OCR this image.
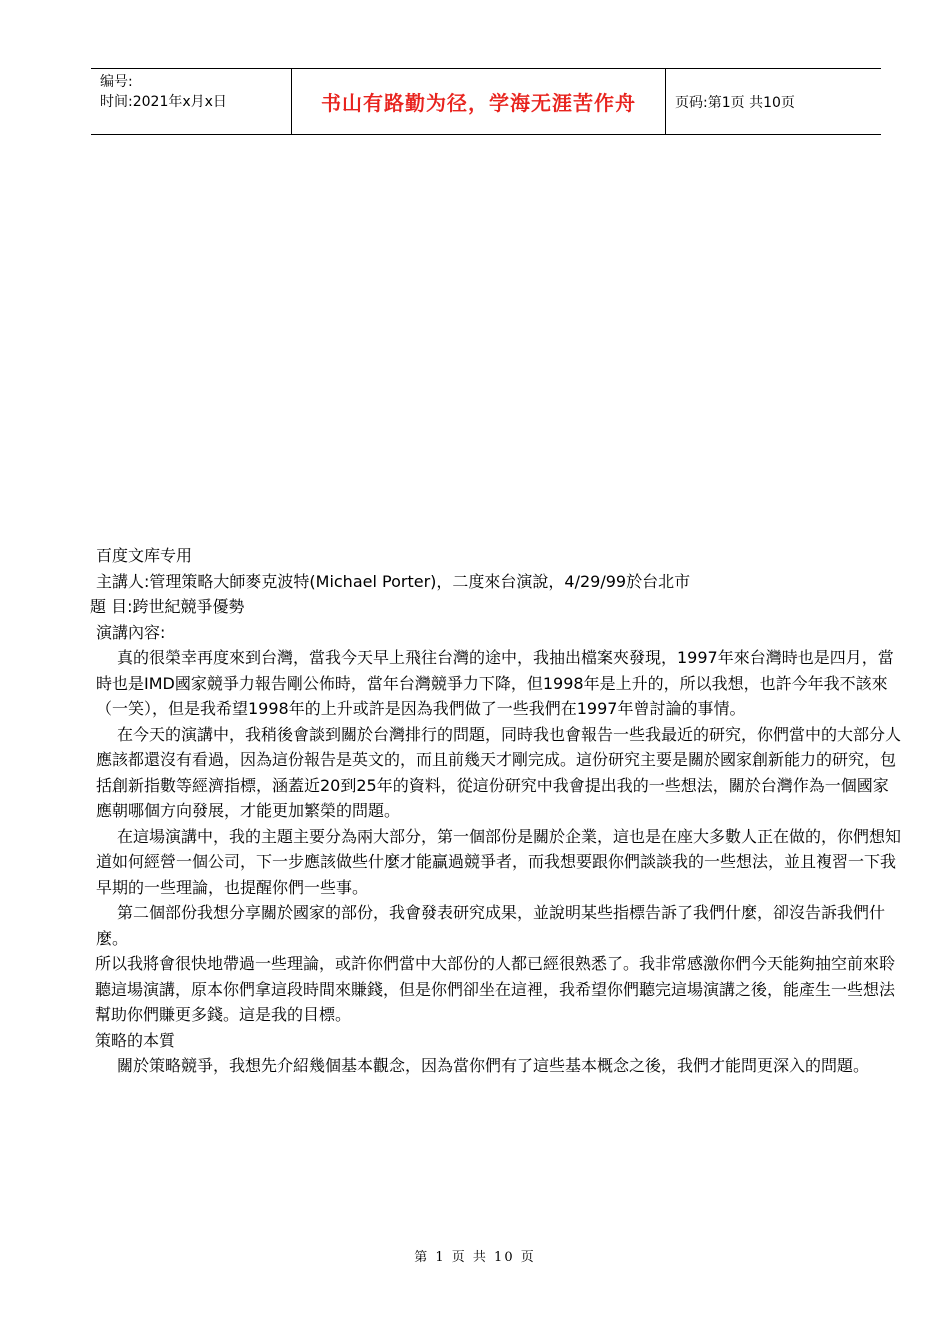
编号:
时间:2021年x月x日	书山有路勤为径，学海无涯苦作舟	页码:第1页 共10页

百度文库专用

主講人:管理策略大師麥克波特(Michael Porter)，二度來台演說，4/29/99於台北市

題 目:跨世紀競爭優勢

演講內容:

真的很榮幸再度來到台灣，當我今天早上飛往台灣的途中，我抽出檔案夾發現，1997年來台灣時也是四月，當時也是IMD國家競爭力報告剛公佈時，當年台灣競爭力下降，但1998年是上升的，所以我想，也許今年我不該來（一笑），但是我希望1998年的上升或許是因為我們做了一些我們在1997年曾討論的事情。

在今天的演講中，我稍後會談到關於台灣排行的問題，同時我也會報告一些我最近的研究，你們當中的大部分人應該都還沒有看過，因為這份報告是英文的，而且前幾天才剛完成。這份研究主要是關於國家創新能力的研究，包括創新指數等經濟指標，涵蓋近20到25年的資料，從這份研究中我會提出我的一些想法，關於台灣作為一個國家應朝哪個方向發展，才能更加繁榮的問題。

在這場演講中，我的主題主要分為兩大部分，第一個部份是關於企業，這也是在座大多數人正在做的，你們想知道如何經營一個公司，下一步應該做些什麼才能贏過競爭者，而我想要跟你們談談我的一些想法，並且複習一下我早期的一些理論，也提醒你們一些事。

第二個部份我想分享關於國家的部份，我會發表研究成果，並說明某些指標告訴了我們什麼，卻沒告訴我們什麼。

所以我將會很快地帶過一些理論，或許你們當中大部份的人都已經很熟悉了。我非常感激你們今天能夠抽空前來聆聽這場演講，原本你們拿這段時間來賺錢，但是你們卻坐在這裡，我希望你們聽完這場演講之後，能產生一些想法幫助你們賺更多錢。這是我的目標。

策略的本質

關於策略競爭，我想先介紹幾個基本觀念，因為當你們有了這些基本概念之後，我們才能問更深入的問題。

第 1 页 共 10 页
